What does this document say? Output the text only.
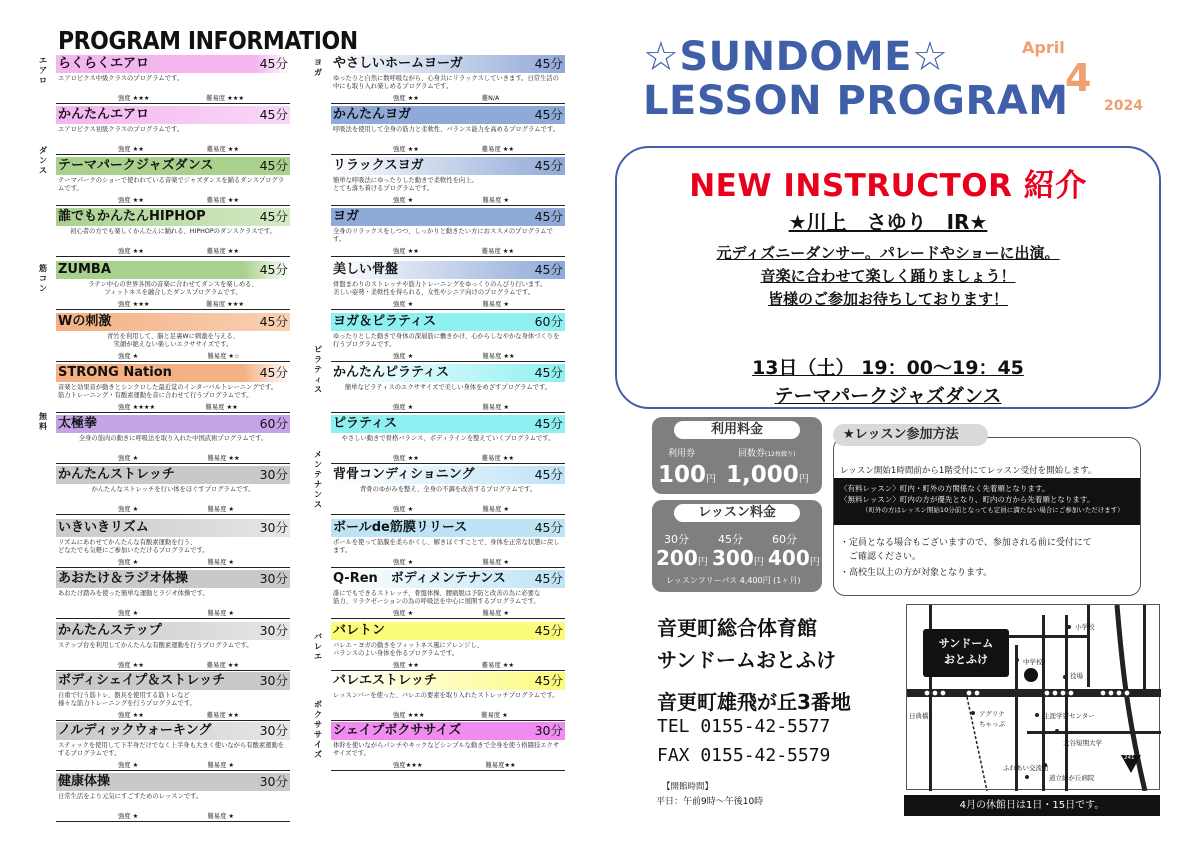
PROGRAM INFORMATION
エ
ア
ロ
ダ
ン
ス
筋
コ
ン
無
料
ヨ
ガ
ピ
ラ
テ
ィ
ス
メ
ン
テ
ナ
ン
ス
バ
レ
エ
ボ
ク
サ
サ
イ
ズ
らくらくエアロ	45分
エアロビクス中級クラスのプログラムです。
強度 ★★★　　　　　　　　　難易度 ★★★
かんたんエアロ	45分
エアロビクス初級クラスのプログラムです。
強度 ★★　　　　　　　　　　難易度 ★★
テーマパークジャズダンス	45分
テーマパークのショーで使われている音楽でジャズダンスを踊るダンスプログラムです。
強度 ★★　　　　　　　　　　難易度 ★★
誰でもかんたんHIPHOP	45分
初心者の方でも楽しくかんたんに踊れる、HIPHOPのダンスクラスです。
強度 ★★　　　　　　　　　　難易度 ★★
ZUMBA	45分
ラテン中心の世界各国の音楽に合わせてダンスを楽しめる、
フィットネスを融合したダンスプログラムです。
強度 ★★★　　　　　　　　　難易度 ★★★
Wの刺激	45分
青竹を利用して、脳と足裏Wに刺激を与える、
笑顔が絶えない楽しいエクササイズです。
強度 ★　　　　　　　　　　　難易度 ★☆
STRONG Nation	45分
音楽と効果音が動きとシンクロした最近覚のインターバルトレーニングです。
筋力トレーニング・有酸素運動を音に合わせて行うプログラムです。
強度 ★★★★　　　　　　　　難易度 ★★
太極拳	60分
全身の筋肉の動きに呼吸法を取り入れた中国武術プログラムです。
強度 ★　　　　　　　　　　　難易度 ★★
かんたんストレッチ	30分
かんたんなストレッチを行い体をほぐすプログラムです。
強度 ★　　　　　　　　　　　難易度 ★
いきいきリズム	30分
リズムにあわせてかんたんな有酸素運動を行う、
どなたでも気軽にご参加いただけるプログラムです。
強度 ★　　　　　　　　　　　難易度 ★
あおたけ＆ラジオ体操	30分
あおたけ踏みを使った簡単な運動とラジオ体操です。
強度 ★　　　　　　　　　　　難易度 ★
かんたんステップ	30分
ステップ台を利用してかんたんな有酸素運動を行うプログラムです。
強度 ★★　　　　　　　　　　難易度 ★★
ボディシェイプ＆ストレッチ	30分
自重で行う筋トレ、器具を使用する筋トレなど
様々な筋力トレーニングを行うプログラムです。
強度 ★★　　　　　　　　　　難易度 ★★
ノルディックウォーキング	30分
スティックを使用して下半身だけでなく上半身も大きく使いながら有酸素運動をするプログラムです。
強度 ★　　　　　　　　　　　難易度 ★
健康体操	30分
日常生活をより元気にすごすためのレッスンです。
強度 ★　　　　　　　　　　　難易度 ★
やさしいホームヨーガ	45分
ゆったりと自然に数呼吸ながら、心身共にリラックスしていきます。日常生活の中にも取り入れ楽しめるプログラムです。
強度 ★★　　　　　　　　　　難N/A
かんたんヨガ	45分
呼吸法を使用して全身の筋力と柔軟性、バランス能力を高めるプログラムです。
強度 ★★　　　　　　　　　　難易度 ★★
リラックスヨガ	45分
簡単な呼吸法にゆったりした動きで柔軟性を向上。
とても落ち着けるプログラムです。
強度 ★　　　　　　　　　　　難易度 ★
ヨガ	45分
全身のリラックスをしつつ、しっかりと動きたい方におススメのプログラムです。
強度 ★★　　　　　　　　　　難易度 ★★
美しい骨盤	45分
骨盤まわりのストレッチや筋力トレーニングをゆっくりのんびり行います。
美しい姿勢・柔軟性を得られる、女性やシニア向けのプログラムです。
強度 ★　　　　　　　　　　　難易度 ★
ヨガ＆ピラティス	60分
ゆったりとした動きで身体の深層筋に働きかけ、心からしなやかな身体づくりを行うプログラムです。
強度 ★　　　　　　　　　　　難易度 ★★
かんたんピラティス	45分
簡単なピラティスのエクササイズで美しい身体をめざすプログラムです。
強度 ★　　　　　　　　　　　難易度 ★
ピラティス	45分
やさしい動きで骨格バランス、ボディラインを整えていくプログラムです。
強度 ★★　　　　　　　　　　難易度 ★★
背骨コンディショニング	45分
背骨のゆがみを整え、全身の不調を改善するプログラムです。
強度 ★　　　　　　　　　　　難易度 ★
ボールde筋膜リリース	45分
ボールを使って筋膜を柔らかくし、解きほぐすことで、身体を正常な状態に戻します。
強度 ★　　　　　　　　　　　難易度 ★
Q-Ren　ボディメンテナンス 45分
誰にでもできるストレッチ、骨盤体操、腰痛脱は予防と改善の為に必要な
筋力、リラクゼーションの為の呼吸法を中心に展開するプログラムです。
強度 ★　　　　　　　　　　　難易度 ★
バレトン	45分
バレエ・ヨガの動きをフィットネス風にアレンジし、
バランスのよい身体を作るプログラムです。
強度 ★★　　　　　　　　　　難易度 ★★
バレエストレッチ	45分
レッスンバーを使った、バレエの要素を取り入れたストレッチプログラムです。
強度 ★★★　　　　　　　　　難易度 ★
シェイプボクササイズ	30分
体幹を使いながらパンチやキックなどシンプルな動きで全身を使う格闘技エクササイズです。
強度★★★　　　　　　　　　　難易度★★
☆SUNDOME☆
LESSON PROGRAM
April
4
2024
NEW INSTRUCTOR 紹介
★川上　さゆり　IR★
元ディズニーダンサー。パレードやショーに出演。
音楽に合わせて楽しく踊りましょう！
皆様のご参加お待ちしております！
13日（土） 19：00～19：45
テーマパークジャズダンス
利用料金
利用券	回数券(12枚綴り)
100円 1,000円
レッスン料金
30分	45分	60分
200円 300円 400円
レッスンフリーパス 4,400円 (1ヶ月)
レッスン開始1時間前から1階受付にてレッスン受付を開始します。
〈有料レッスン〉町内・町外の方関係なく先着順となります。
〈無料レッスン〉町内の方が優先となり、町内の方から先着順となります。
（町外の方はレッスン開始10分前となっても定員に満たない場合にご参加いただけます）
・定員となる場合もございますので、参加される前に受付にて
　ご確認ください。
・高校生以上の方が対象となります。
★レッスン参加方法
音更町総合体育館
サンドームおとふけ
音更町雄飛が丘3番地
TEL 0155-42-5577
FAX 0155-42-5579
【開館時間】
平日：午前9時～午後10時
サンドーム
おとふけ
小学校
中学校
役場
日典橋	アグリナ
ちゃっぷ
生涯学習センター
大谷短期大学
ふれあい交流館
道立緑が丘病院
241
4月の休館日は1日・15日です。
